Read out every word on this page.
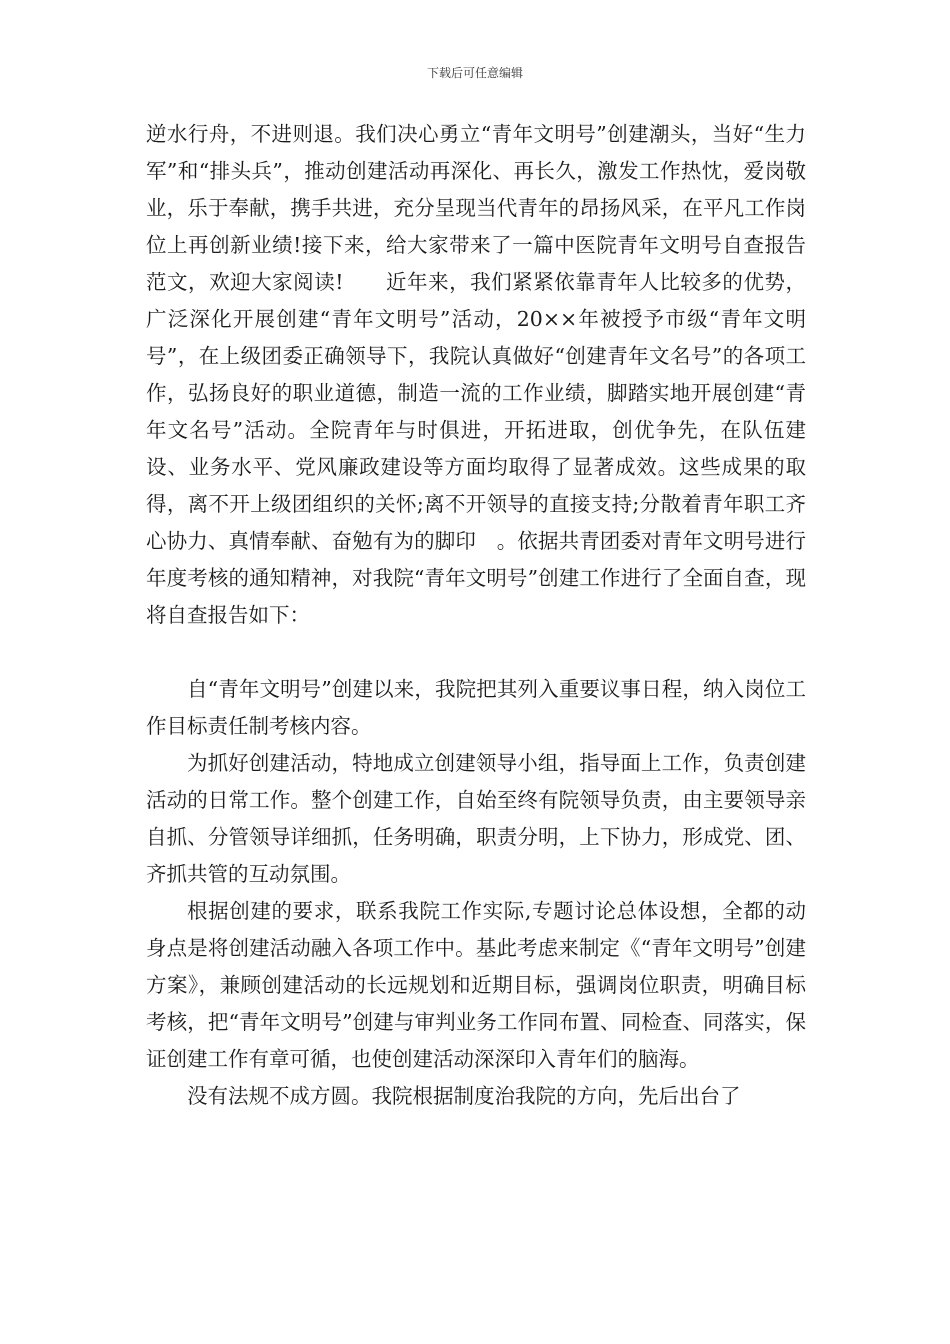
下载后可任意编辑

逆水行舟，不进则退。我们决心勇立“青年文明号”创建潮头，当好“生力军”和“排头兵”，推动创建活动再深化、再长久，激发工作热忱，爱岗敬业，乐于奉献，携手共进，充分呈现当代青年的昂扬风采，在平凡工作岗位上再创新业绩!接下来，给大家带来了一篇中医院青年文明号自查报告范文，欢迎大家阅读!　　近年来，我们紧紧依靠青年人比较多的优势，广泛深化开展创建“青年文明号”活动，20××年被授予市级“青年文明号”，在上级团委正确领导下，我院认真做好“创建青年文名号”的各项工作，弘扬良好的职业道德，制造一流的工作业绩，脚踏实地开展创建“青年文名号”活动。全院青年与时俱进，开拓进取，创优争先，在队伍建设、业务水平、党风廉政建设等方面均取得了显著成效。这些成果的取得，离不开上级团组织的关怀;离不开领导的直接支持;分散着青年职工齐心协力、真情奉献、奋勉有为的脚印　。依据共青团委对青年文明号进行年度考核的通知精神，对我院“青年文明号”创建工作进行了全面自查，现将自查报告如下：

自“青年文明号”创建以来，我院把其列入重要议事日程，纳入岗位工作目标责任制考核内容。

为抓好创建活动，特地成立创建领导小组，指导面上工作，负责创建活动的日常工作。整个创建工作，自始至终有院领导负责，由主要领导亲自抓、分管领导详细抓，任务明确，职责分明，上下协力，形成党、团、齐抓共管的互动氛围。

根据创建的要求，联系我院工作实际,专题讨论总体设想，全都的动身点是将创建活动融入各项工作中。基此考虑来制定《“青年文明号”创建方案》，兼顾创建活动的长远规划和近期目标，强调岗位职责，明确目标考核，把“青年文明号”创建与审判业务工作同布置、同检查、同落实，保证创建工作有章可循，也使创建活动深深印入青年们的脑海。

没有法规不成方圆。我院根据制度治我院的方向，先后出台了
